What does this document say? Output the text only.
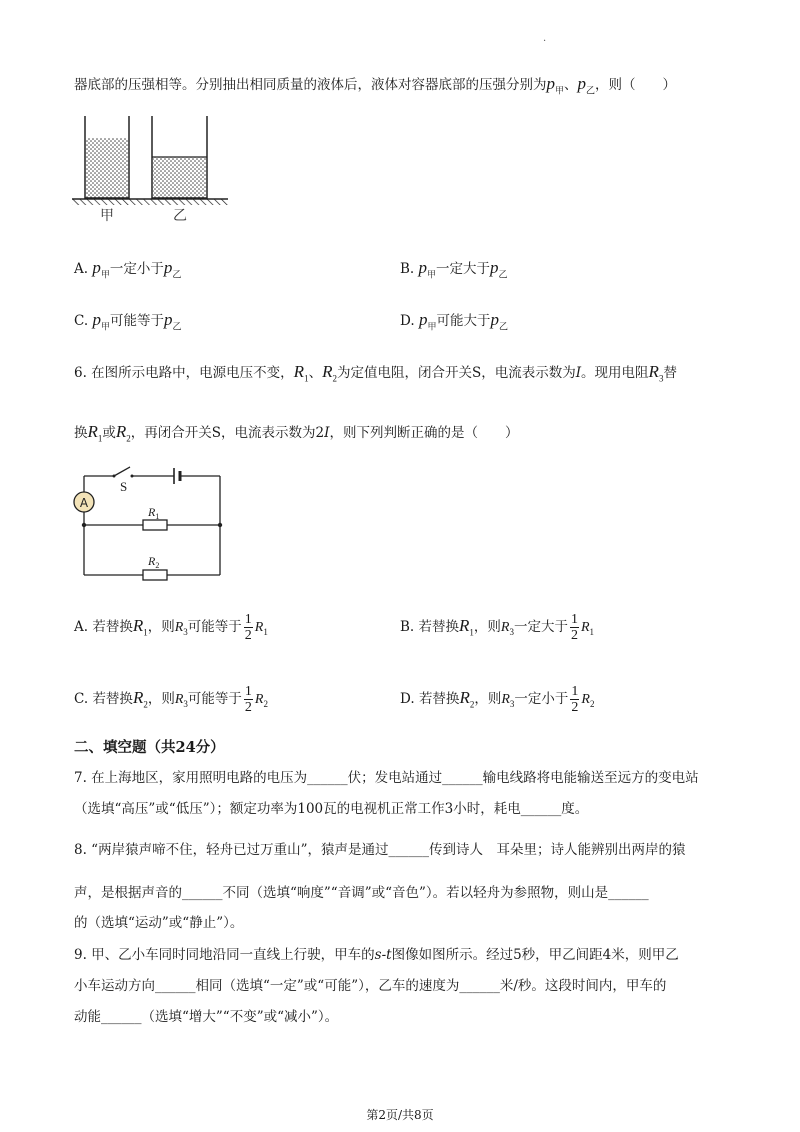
.
器底部的压强相等。分别抽出相同质量的液体后，液体对容器底部的压强分别为$p_甲$、$p_乙$，则（　　）
甲	乙
A. $p_甲$一定小于$p_乙$	B. $p_甲$一定大于$p_乙$
C. $p_甲$可能等于$p_乙$	D. $p_甲$可能大于$p_乙$
6. 在图所示电路中，电源电压不变，$R_1$、$R_2$为定值电阻，闭合开关S，电流表示数为I。现用电阻$R_3$替
换$R_1$或$R_2$，再闭合开关S，电流表示数为2I，则下列判断正确的是（　　）
A
S
$R_1$
$R_2$
A. 若替换$R_1$，则$R_3$可能等于 $\frac{1}{2} R_1$	B. 若替换$R_1$，则$R_3$一定大于 $\frac{1}{2} R_1$
C. 若替换$R_2$，则$R_3$可能等于 $\frac{1}{2} R_2$	D. 若替换$R_2$，则$R_3$一定小于 $\frac{1}{2} R_2$
二、填空题（共24分）
7. 在上海地区，家用照明电路的电压为______伏；发电站通过______输电线路将电能输送至远方的变电站
（选填“高压”或“低压”）；额定功率为100瓦的电视机正常工作3小时，耗电______度。
8. “两岸猿声啼不住，轻舟已过万重山”，猿声是通过______传到诗人　耳朵里；诗人能辨别出两岸的猿
声，是根据声音的______不同（选填“响度”“音调”或“音色”）。若以轻舟为参照物，则山是______
的（选填“运动”或“静止”）。
9. 甲、乙小车同时同地沿同一直线上行驶，甲车的s-t图像如图所示。经过5秒，甲乙间距4米，则甲乙
小车运动方向______相同（选填“一定”或“可能”），乙车的速度为______米/秒。这段时间内，甲车的
动能______（选填“增大”“不变”或“减小”）。
第2页/共8页
